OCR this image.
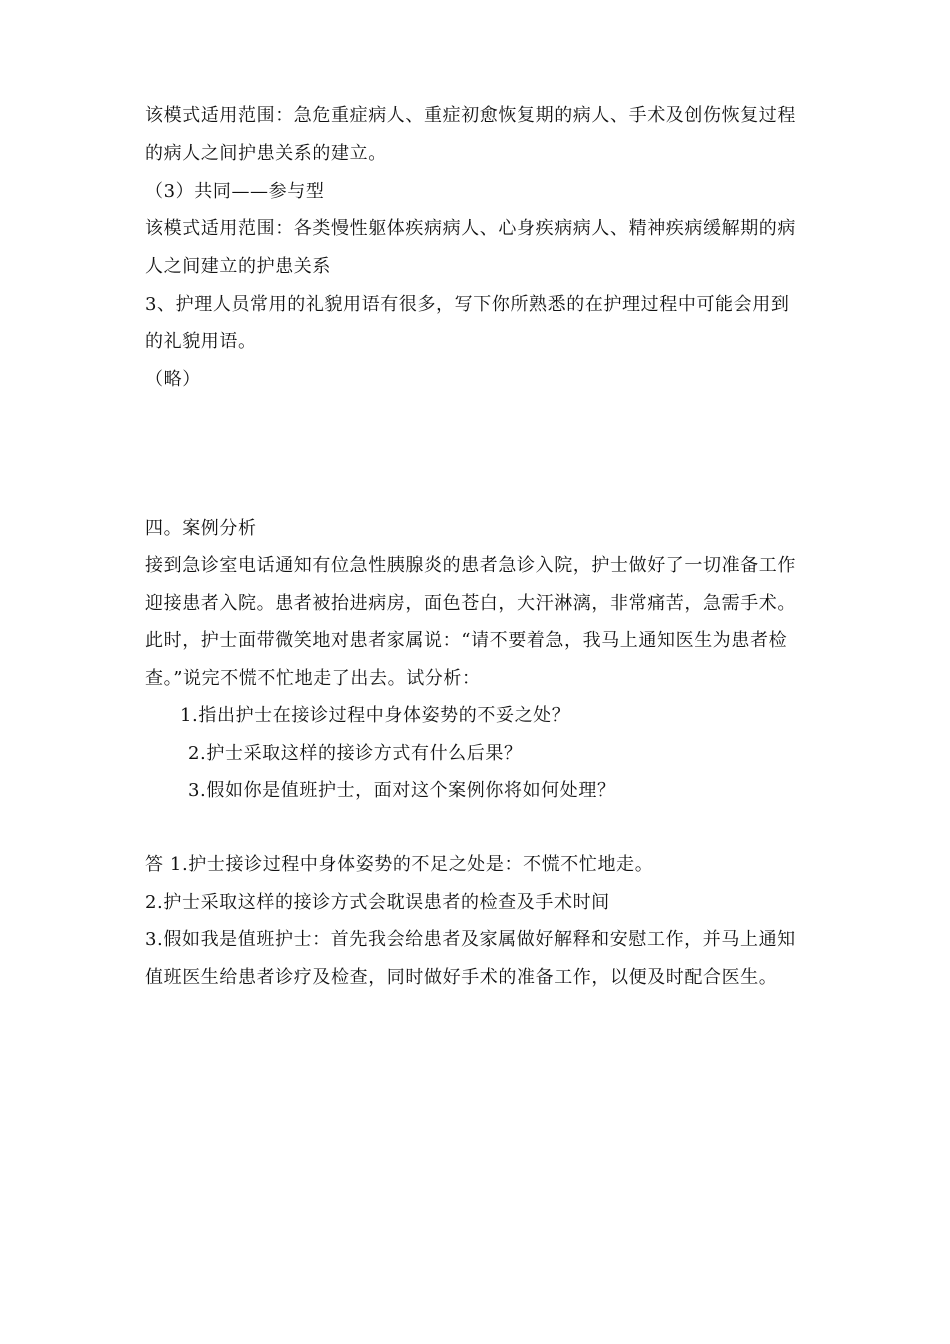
该模式适用范围：急危重症病人、重症初愈恢复期的病人、手术及创伤恢复过程
的病人之间护患关系的建立。
（3）共同——参与型
该模式适用范围：各类慢性躯体疾病病人、心身疾病病人、精神疾病缓解期的病
人之间建立的护患关系
3、护理人员常用的礼貌用语有很多，写下你所熟悉的在护理过程中可能会用到
的礼貌用语。
（略）
四。案例分析
接到急诊室电话通知有位急性胰腺炎的患者急诊入院，护士做好了一切准备工作
迎接患者入院。患者被抬进病房，面色苍白，大汗淋漓，非常痛苦，急需手术。
此时，护士面带微笑地对患者家属说：“请不要着急，我马上通知医生为患者检
查。”说完不慌不忙地走了出去。试分析：
1.指出护士在接诊过程中身体姿势的不妥之处？
2.护士采取这样的接诊方式有什么后果？
3.假如你是值班护士，面对这个案例你将如何处理？
答 1.护士接诊过程中身体姿势的不足之处是：不慌不忙地走。
2.护士采取这样的接诊方式会耽误患者的检查及手术时间
3.假如我是值班护士：首先我会给患者及家属做好解释和安慰工作，并马上通知
值班医生给患者诊疗及检查，同时做好手术的准备工作，以便及时配合医生。
